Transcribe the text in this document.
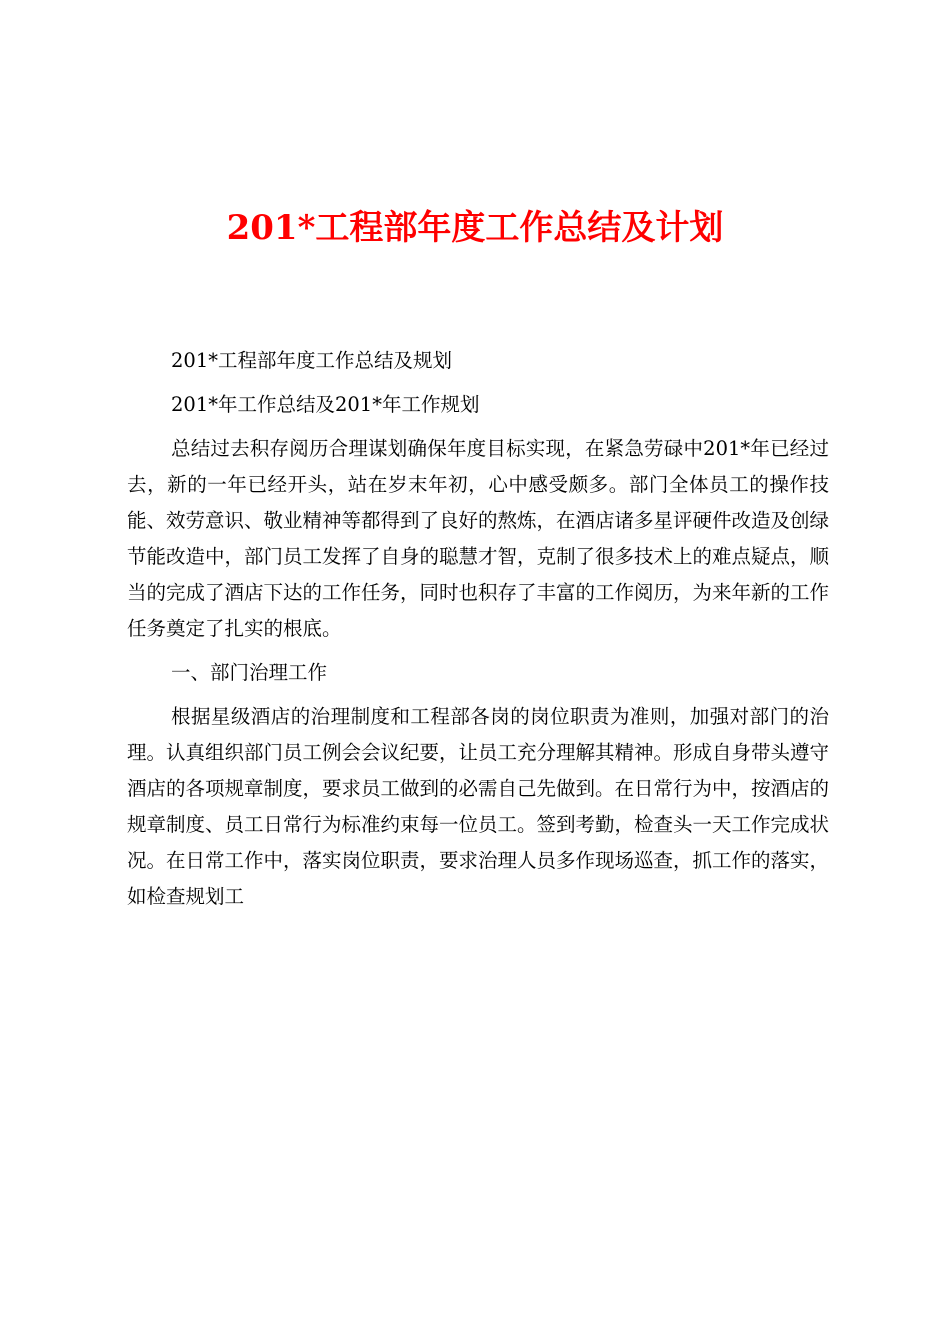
201*工程部年度工作总结及计划

201*工程部年度工作总结及规划

201*年工作总结及201*年工作规划

总结过去积存阅历合理谋划确保年度目标实现，在紧急劳碌中201*年已经过去，新的一年已经开头，站在岁末年初，心中感受颇多。部门全体员工的操作技能、效劳意识、敬业精神等都得到了良好的熬炼，在酒店诸多星评硬件改造及创绿节能改造中，部门员工发挥了自身的聪慧才智，克制了很多技术上的难点疑点，顺当的完成了酒店下达的工作任务，同时也积存了丰富的工作阅历，为来年新的工作任务奠定了扎实的根底。

一、部门治理工作

根据星级酒店的治理制度和工程部各岗的岗位职责为准则，加强对部门的治理。认真组织部门员工例会会议纪要，让员工充分理解其精神。形成自身带头遵守酒店的各项规章制度，要求员工做到的必需自己先做到。在日常行为中，按酒店的规章制度、员工日常行为标准约束每一位员工。签到考勤，检查头一天工作完成状况。在日常工作中，落实岗位职责，要求治理人员多作现场巡查，抓工作的落实，如检查规划工
